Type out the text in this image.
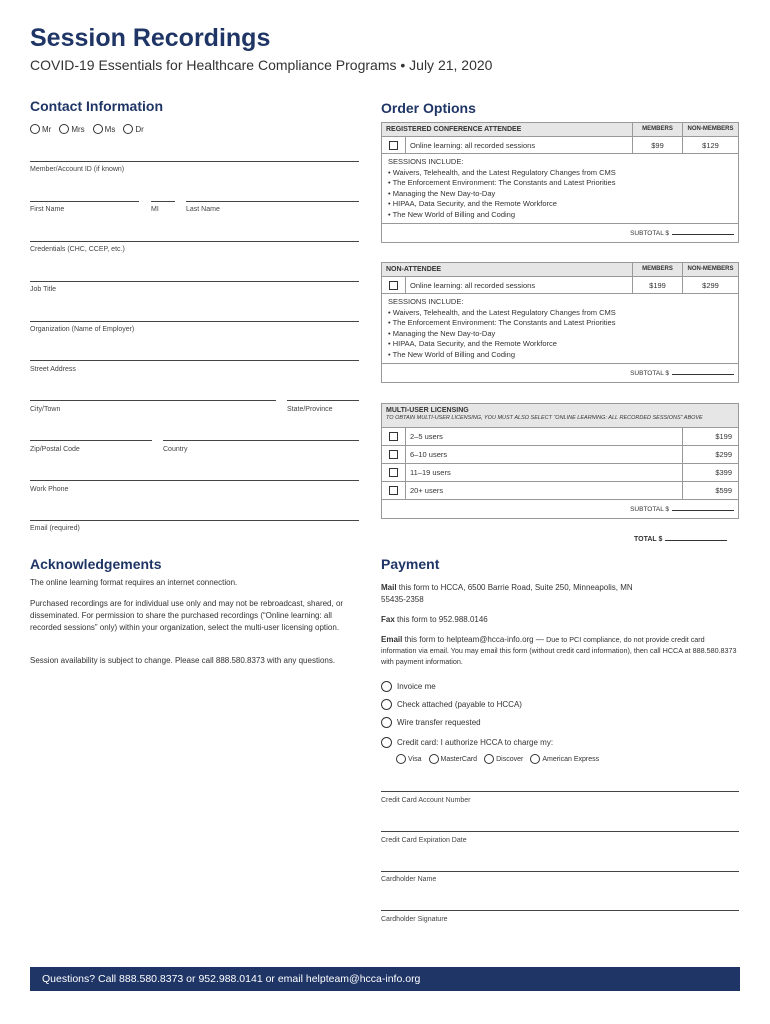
Session Recordings
COVID-19 Essentials for Healthcare Compliance Programs • July 21, 2020
Contact Information
Mr	Mrs	Ms	Dr
Member/Account ID (if known)
First Name	MI	Last Name
Credentials (CHC, CCEP, etc.)
Job Title
Organization (Name of Employer)
Street Address
City/Town	State/Province
Zip/Postal Code	Country
Work Phone
Email (required)
Order Options
REGISTERED CONFERENCE ATTENDEE	MEMBERS	NON-MEMBERS
Online learning: all recorded sessions	$99	$129
SESSIONS INCLUDE:
• Waivers, Telehealth, and the Latest Regulatory Changes from CMS
• The Enforcement Environment: The Constants and Latest Priorities
• Managing the New Day-to-Day
• HIPAA, Data Security, and the Remote Workforce
• The New World of Billing and Coding
SUBTOTAL $
NON-ATTENDEE	MEMBERS	NON-MEMBERS
Online learning: all recorded sessions	$199	$299
SESSIONS INCLUDE:
• Waivers, Telehealth, and the Latest Regulatory Changes from CMS
• The Enforcement Environment: The Constants and Latest Priorities
• Managing the New Day-to-Day
• HIPAA, Data Security, and the Remote Workforce
• The New World of Billing and Coding
SUBTOTAL $
MULTI-USER LICENSING
TO OBTAIN MULTI-USER LICENSING, YOU MUST ALSO SELECT “ONLINE LEARNING: ALL RECORDED SESSIONS” ABOVE
2–5 users	$199
6–10 users	$299
11–19 users	$399
20+ users	$599
SUBTOTAL $
TOTAL $
Acknowledgements
The online learning format requires an internet connection.
Purchased recordings are for individual use only and may not be rebroadcast, shared, or disseminated. For permission to share the purchased recordings (“Online learning: all recorded sessions” only) within your organization, select the multi-user licensing option.
Session availability is subject to change. Please call 888.580.8373 with any questions.
Payment
Mail this form to HCCA, 6500 Barrie Road, Suite 250, Minneapolis, MN 55435-2358
Fax this form to 952.988.0146
Email this form to helpteam@hcca-info.org — Due to PCI compliance, do not provide credit card information via email. You may email this form (without credit card information), then call HCCA at 888.580.8373 with payment information.
Invoice me
Check attached (payable to HCCA)
Wire transfer requested
Credit card: I authorize HCCA to charge my:
Visa	MasterCard	Discover	American Express
Credit Card Account Number
Credit Card Expiration Date
Cardholder Name
Cardholder Signature
Questions? Call 888.580.8373 or 952.988.0141 or email helpteam@hcca-info.org
